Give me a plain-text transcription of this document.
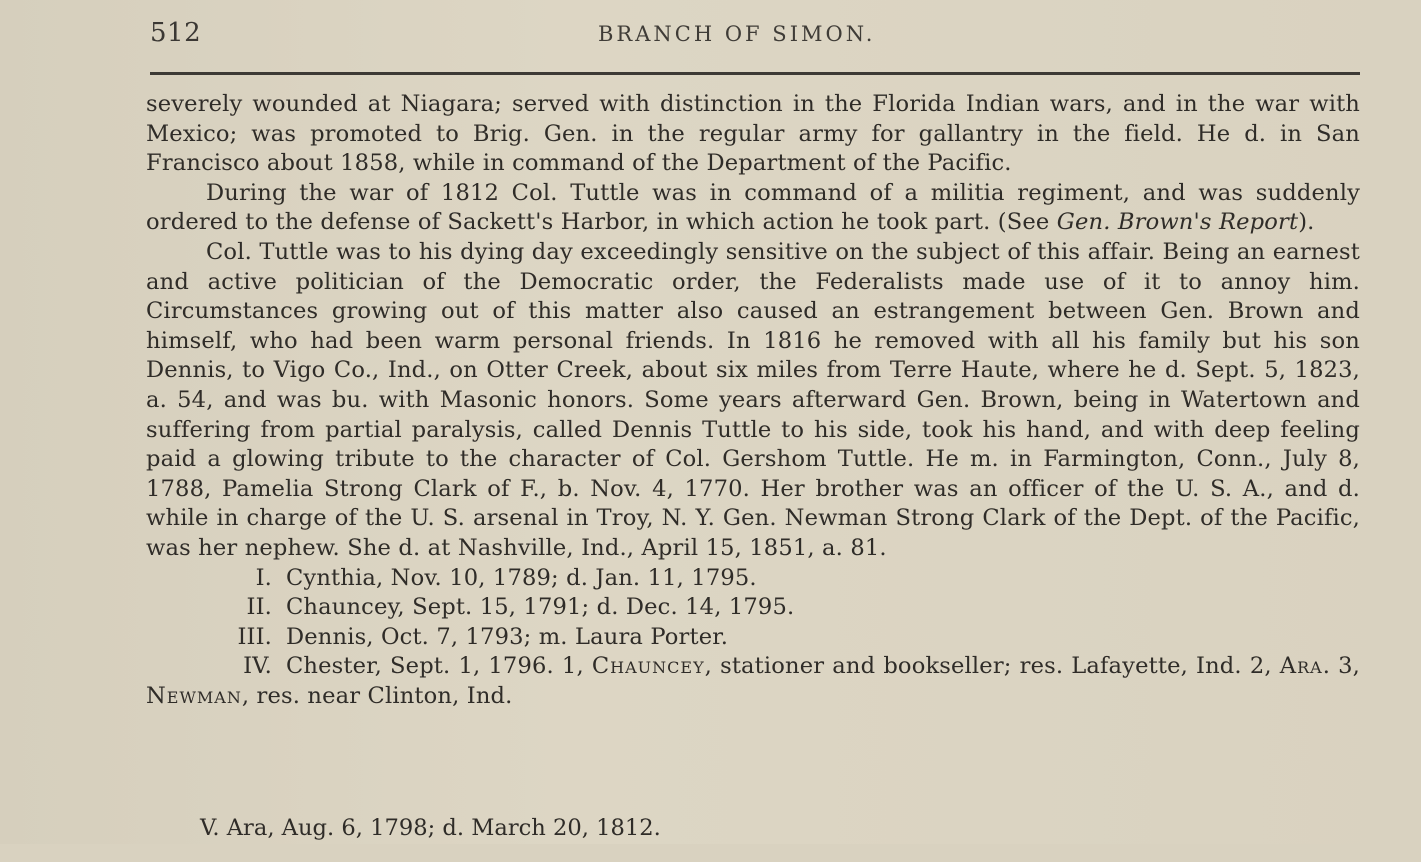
512	BRANCH OF SIMON.

severely wounded at Niagara; served with distinction in the Florida Indian wars, and in the war with Mexico; was promoted to Brig. Gen. in the regular army for gallantry in the field. He d. in San Francisco about 1858, while in command of the Department of the Pacific.

During the war of 1812 Col. Tuttle was in command of a militia regiment, and was suddenly ordered to the defense of Sackett's Harbor, in which action he took part. (See Gen. Brown's Report).

Col. Tuttle was to his dying day exceedingly sensitive on the subject of this affair. Being an earnest and active politician of the Democratic order, the Federalists made use of it to annoy him. Circumstances growing out of this matter also caused an estrangement between Gen. Brown and himself, who had been warm personal friends. In 1816 he removed with all his family but his son Dennis, to Vigo Co., Ind., on Otter Creek, about six miles from Terre Haute, where he d. Sept. 5, 1823, a. 54, and was bu. with Masonic honors. Some years afterward Gen. Brown, being in Watertown and suffering from partial paralysis, called Dennis Tuttle to his side, took his hand, and with deep feeling paid a glowing tribute to the character of Col. Gershom Tuttle. He m. in Farmington, Conn., July 8, 1788, Pamelia Strong Clark of F., b. Nov. 4, 1770. Her brother was an officer of the U. S. A., and d. while in charge of the U. S. arsenal in Troy, N. Y. Gen. Newman Strong Clark of the Dept. of the Pacific, was her nephew. She d. at Nashville, Ind., April 15, 1851, a. 81.

I. Cynthia, Nov. 10, 1789; d. Jan. 11, 1795.

II. Chauncey, Sept. 15, 1791; d. Dec. 14, 1795.

III. Dennis, Oct. 7, 1793; m. Laura Porter.

IV. Chester, Sept. 1, 1796. 1, Chauncey, stationer and bookseller; res. Lafayette, Ind. 2, Ara. 3, Newman, res. near Clinton, Ind.

V. Ara, Aug. 6, 1798; d. March 20, 1812.
